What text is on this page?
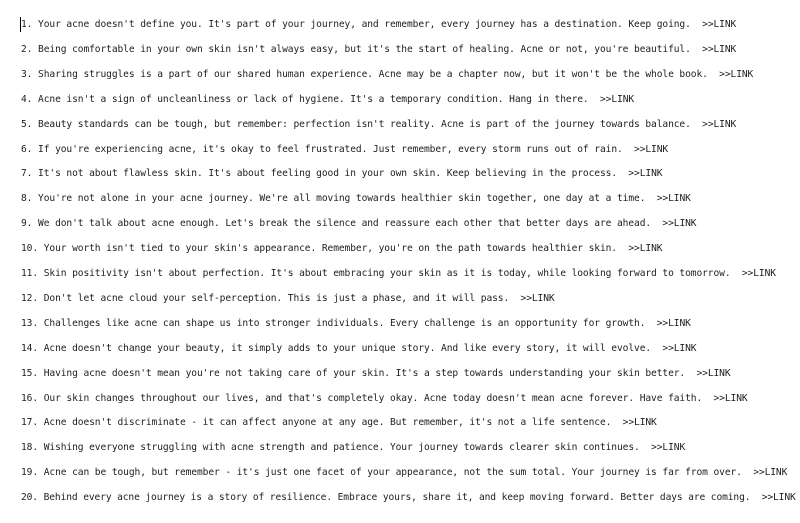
1. Your acne doesn't define you. It's part of your journey, and remember, every journey has a destination. Keep going. >>LINK
2. Being comfortable in your own skin isn't always easy, but it's the start of healing. Acne or not, you're beautiful. >>LINK
3. Sharing struggles is a part of our shared human experience. Acne may be a chapter now, but it won't be the whole book. >>LINK
4. Acne isn't a sign of uncleanliness or lack of hygiene. It's a temporary condition. Hang in there. >>LINK
5. Beauty standards can be tough, but remember: perfection isn't reality. Acne is part of the journey towards balance. >>LINK
6. If you're experiencing acne, it's okay to feel frustrated. Just remember, every storm runs out of rain. >>LINK
7. It's not about flawless skin. It's about feeling good in your own skin. Keep believing in the process. >>LINK
8. You're not alone in your acne journey. We're all moving towards healthier skin together, one day at a time. >>LINK
9. We don't talk about acne enough. Let's break the silence and reassure each other that better days are ahead. >>LINK
10. Your worth isn't tied to your skin's appearance. Remember, you're on the path towards healthier skin. >>LINK
11. Skin positivity isn't about perfection. It's about embracing your skin as it is today, while looking forward to tomorrow. >>LINK
12. Don't let acne cloud your self-perception. This is just a phase, and it will pass. >>LINK
13. Challenges like acne can shape us into stronger individuals. Every challenge is an opportunity for growth. >>LINK
14. Acne doesn't change your beauty, it simply adds to your unique story. And like every story, it will evolve. >>LINK
15. Having acne doesn't mean you're not taking care of your skin. It's a step towards understanding your skin better. >>LINK
16. Our skin changes throughout our lives, and that's completely okay. Acne today doesn't mean acne forever. Have faith. >>LINK
17. Acne doesn't discriminate - it can affect anyone at any age. But remember, it's not a life sentence. >>LINK
18. Wishing everyone struggling with acne strength and patience. Your journey towards clearer skin continues. >>LINK
19. Acne can be tough, but remember - it's just one facet of your appearance, not the sum total. Your journey is far from over. >>LINK
20. Behind every acne journey is a story of resilience. Embrace yours, share it, and keep moving forward. Better days are coming. >>LINK
